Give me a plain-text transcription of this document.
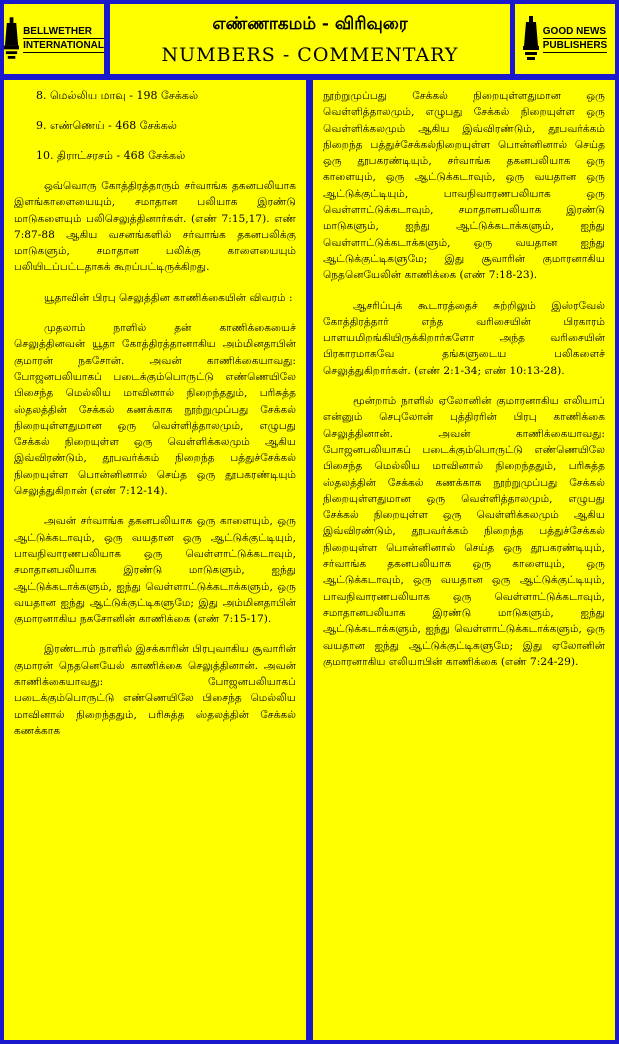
BELLWETHER
INTERNATIONAL
எண்ணாகமம் - விரிவுரை
NUMBERS - COMMENTARY
GOOD NEWS
PUBLISHERS
8. மெல்லிய மாவு - 198 சேக்கல்
9. எண்ணெய் - 468 சேக்கல்
10. திராட்சரசம் - 468 சேக்கல்

ஒவ்வொரு கோத்திரத்தாரும் சர்வாங்க தகனபலியாக இளங்காளையையும், சமாதான பலியாக இரண்டு மாடுகளையும் பலிசெலுத்தினார்கள். (எண் 7:15,17). எண் 7:87-88 ஆகிய வசனங்களில் சர்வாங்க தகனபலிக்கு மாடுகளும், சமாதான பலிக்கு காளையையும் பலியிடப்பட்டதாகக் கூறப்பட்டிருக்கிறது.

யூதாவின் பிரபு செலுத்தின காணிக்கையின் விவரம் :

முதலாம் நாளில் தன் காணிக்கையைச் செலுத்தினவன் யூதா கோத்திரத்தானாகிய அம்மினதாபின் குமாரன் நகசோன். அவன் காணிக்கையாவது: போஜனபலியாகப் படைக்கும்பொருட்டு எண்ணெயிலே பிசைந்த மெல்லிய மாவினால் நிறைந்ததும், பரிசுத்த ஸ்தலத்தின் சேக்கல் கணக்காக நூற்றுமுப்பது சேக்கல் நிறையுள்ளதுமான ஒரு வெள்ளித்தாலமும், எழுபது சேக்கல் நிறையுள்ள ஒரு வெள்ளிக்கலமும் ஆகிய இவ்விரண்டும், தூபவர்க்கம் நிறைந்த பத்துச்சேக்கல் நிறையுள்ள பொன்னினால் செய்த ஒரு தூபகரண்டியும் செலுத்துகிறான் (எண் 7:12-14).

அவன் சர்வாங்க தகனபலியாக ஒரு காளையும், ஒரு ஆட்டுக்கடாவும், ஒரு வயதான ஒரு ஆட்டுக்குட்டியும், பாவநிவாரணபலியாக ஒரு வெள்ளாட்டுக்கடாவும், சமாதானபலியாக இரண்டு மாடுகளும், ஐந்து ஆட்டுக்கடாக்களும், ஐந்து வெள்ளாட்டுக்கடாக்களும், ஒரு வயதான ஐந்து ஆட்டுக்குட்டிகளுமே; இது அம்மினதாபின் குமாரனாகிய நகசோனின் காணிக்கை (எண் 7:15-17).

இரண்டாம் நாளில் இசக்காரின் பிரபுவாகிய சூவாரின் குமாரன் நெதனெயேல் காணிக்கை செலுத்தினான். அவன் காணிக்கையாவது: போஜனபலியாகப் படைக்கும்பொருட்டு எண்ணெயிலே பிசைந்த மெல்லிய மாவினால் நிறைந்ததும், பரிசுத்த ஸ்தலத்தின் சேக்கல் கணக்காக

நூற்றுமுப்பது சேக்கல் நிறையுள்ளதுமான ஒரு வெள்ளித்தாலமும், எழுபது சேக்கல் நிறையுள்ள ஒரு வெள்ளிக்கலமும் ஆகிய இவ்விரண்டும், தூபவர்க்கம் நிறைந்த பத்துச்சேக்கல்நிறையுள்ள பொன்னினால் செய்த ஒரு தூபகரண்டியும், சர்வாங்க தகனபலியாக ஒரு காளையும், ஒரு ஆட்டுக்கடாவும், ஒரு வயதான ஒரு ஆட்டுக்குட்டியும், பாவநிவாரணபலியாக ஒரு வெள்ளாட்டுக்கடாவும், சமாதானபலியாக இரண்டு மாடுகளும், ஐந்து ஆட்டுக்கடாக்களும், ஐந்து வெள்ளாட்டுக்கடாக்களும், ஒரு வயதான ஐந்து ஆட்டுக்குட்டிகளுமே; இது சூவாரின் குமாரனாகிய நெதனெயேலின் காணிக்கை (எண் 7:18-23).

ஆசரிப்புக் கூடாரத்தைச் சுற்றிலும் இஸ்ரவேல் கோத்திரத்தார் எந்த வரிசையின் பிரகாரம் பாளயமிறங்கியிருக்கிறார்களோ அந்த வரிசையின் பிரகாரமாகவே தங்களுடைய பலிகளைச் செலுத்துகிறார்கள். (எண் 2:1-34; எண் 10:13-28).

மூன்றாம் நாளில் ஏலோனின் குமாரனாகிய எலியாப் என்னும் செபுலோன் புத்திரரின் பிரபு காணிக்கை செலுத்தினான். அவன் காணிக்கையாவது: போஜனபலியாகப் படைக்கும்பொருட்டு எண்ணெயிலே பிசைந்த மெல்லிய மாவினால் நிறைந்ததும், பரிசுத்த ஸ்தலத்தின் சேக்கல் கணக்காக நூற்றுமுப்பது சேக்கல் நிறையுள்ளதுமான ஒரு வெள்ளித்தாலமும், எழுபது சேக்கல் நிறையுள்ள ஒரு வெள்ளிக்கலமும் ஆகிய இவ்விரண்டும், தூபவர்க்கம் நிறைந்த பத்துச்சேக்கல் நிறையுள்ள பொன்னினால் செய்த ஒரு தூபகரண்டியும், சர்வாங்க தகனபலியாக ஒரு காளையும், ஒரு ஆட்டுக்கடாவும், ஒரு வயதான ஒரு ஆட்டுக்குட்டியும், பாவநிவாரணபலியாக ஒரு வெள்ளாட்டுக்கடாவும், சமாதானபலியாக இரண்டு மாடுகளும், ஐந்து ஆட்டுக்கடாக்களும், ஐந்து வெள்ளாட்டுக்கடாக்களும், ஒரு வயதான ஐந்து ஆட்டுக்குட்டிகளுமே; இது ஏலோனின் குமாரனாகிய எலியாபின் காணிக்கை (எண் 7:24-29).
